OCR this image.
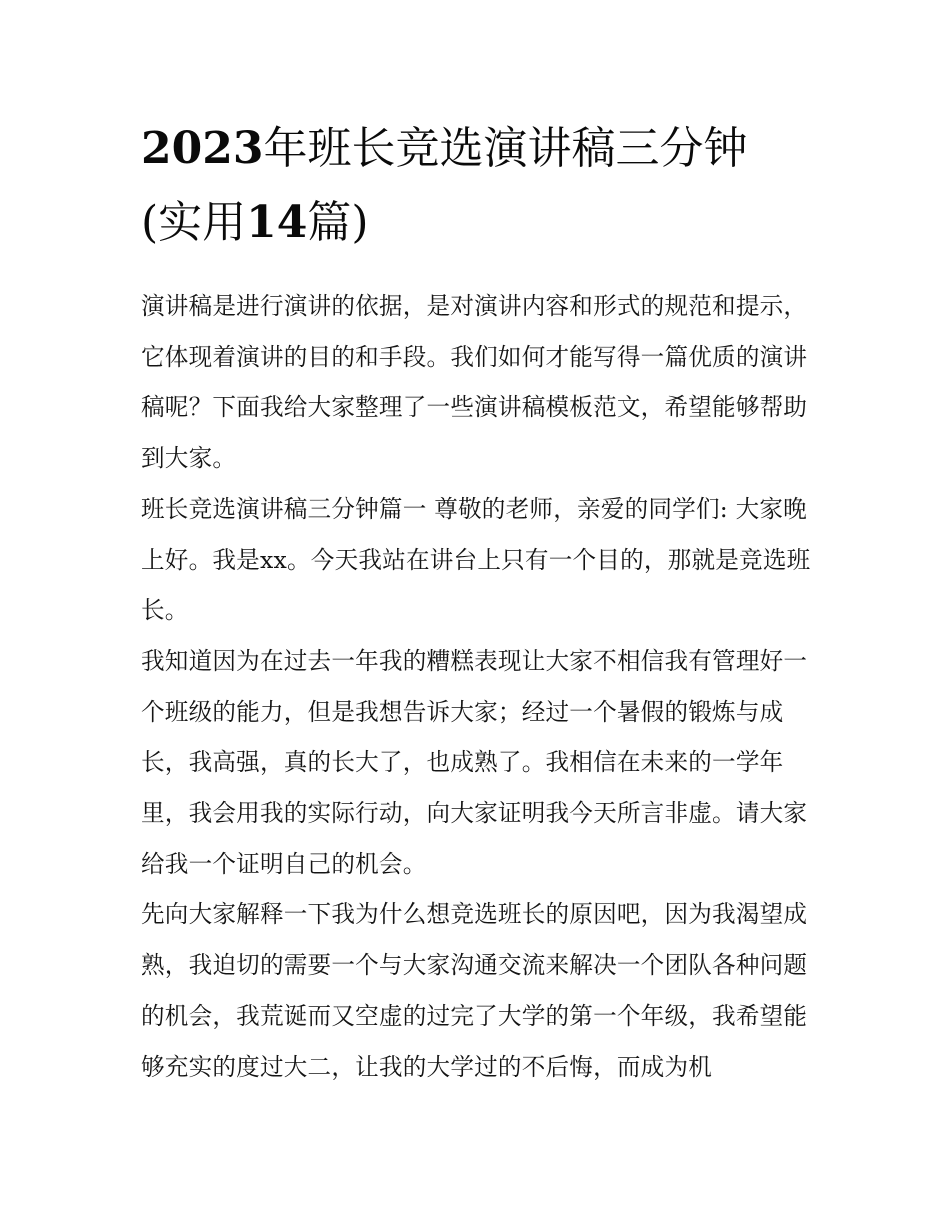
2023年班长竞选演讲稿三分钟
(实用14篇)

演讲稿是进行演讲的依据，是对演讲内容和形式的规范和提示，它体现着演讲的目的和手段。我们如何才能写得一篇优质的演讲稿呢？下面我给大家整理了一些演讲稿模板范文，希望能够帮助到大家。

班长竞选演讲稿三分钟篇一 尊敬的老师，亲爱的同学们: 大家晚上好。我是xx。今天我站在讲台上只有一个目的，那就是竞选班长。

我知道因为在过去一年我的糟糕表现让大家不相信我有管理好一个班级的能力，但是我想告诉大家；经过一个暑假的锻炼与成长，我高强，真的长大了，也成熟了。我相信在未来的一学年里，我会用我的实际行动，向大家证明我今天所言非虚。请大家给我一个证明自己的机会。

先向大家解释一下我为什么想竞选班长的原因吧，因为我渴望成熟，我迫切的需要一个与大家沟通交流来解决一个团队各种问题的机会，我荒诞而又空虚的过完了大学的第一个年级，我希望能够充实的度过大二，让我的大学过的不后悔，而成为机
